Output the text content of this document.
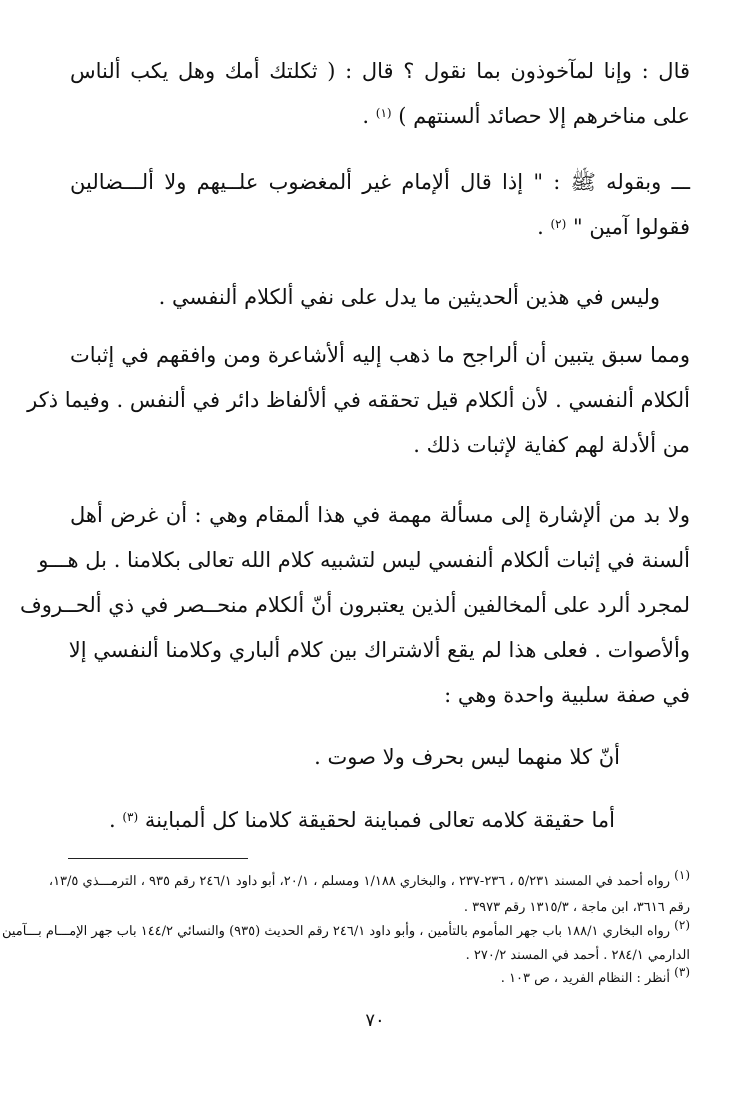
قال : وإنا لمآخوذون بما نقول ؟ قال : ( ثكلتك أمك وهل يكب ألناس
على مناخرهم إلا حصائد ألسنتهم ) $^{(١)}$ .
ـــ وبقوله ﷺ : " إذا قال ألإمام غير ألمغضوب علــيهم ولا ألـــضالين
فقولوا آمين " $^{(٢)}$ .
وليس في هذين ألحديثين ما يدل على نفي ألكلام ألنفسي .
ومما سبق يتبين أن ألراجح ما ذهب إليه ألأشاعرة ومن وافقهم في إثبات
ألكلام ألنفسي . لأن ألكلام قيل تحققه في ألألفاظ دائر في ألنفس . وفيما ذكر
من ألأدلة لهم كفاية لإثبات ذلك .
ولا بد من ألإشارة إلى مسألة مهمة في هذا ألمقام وهي : أن غرض أهل
ألسنة في إثبات ألكلام ألنفسي ليس لتشبيه كلام الله تعالى بكلامنا . بل هـــو
لمجرد ألرد على ألمخالفين ألذين يعتبرون أنّ ألكلام منحــصر في ذي ألحــروف
وألأصوات . فعلى هذا لم يقع ألاشتراك بين كلام ألباري وكلامنا ألنفسي إلا
في صفة سلبية واحدة وهي :
أنّ كلا منهما ليس بحرف ولا صوت .
أما حقيقة كلامه تعالى فمباينة لحقيقة كلامنا كل ألمباينة $^{(٣)}$ .
$^{(١)}$ رواه أحمد في المسند ٥/٢٣١ ، ٢٣٦-٢٣٧ ، والبخاري ١/١٨٨ ومسلم ، ٢٠/١، أبو داود ٢٤٦/١ رقم ٩٣٥ ، الترمـــذي ١٣/٥،
رقم ٣٦١٦، ابن ماجة ، ١٣١٥/٣ رقم ٣٩٧٣ .
$^{(٢)}$ رواه البخاري ١٨٨/١ باب جهر المأموم بالتأمين ، وأبو داود ٢٤٦/١ رقم الحديث (٩٣٥) والنسائي ١٤٤/٢ باب جهر الإمـــام بـــآمين
الدارمي ٢٨٤/١ . أحمد في المسند ٢٧٠/٢ .
$^{(٣)}$ أنظر : النظام الفريد ، ص ١٠٣ .
٧٠
